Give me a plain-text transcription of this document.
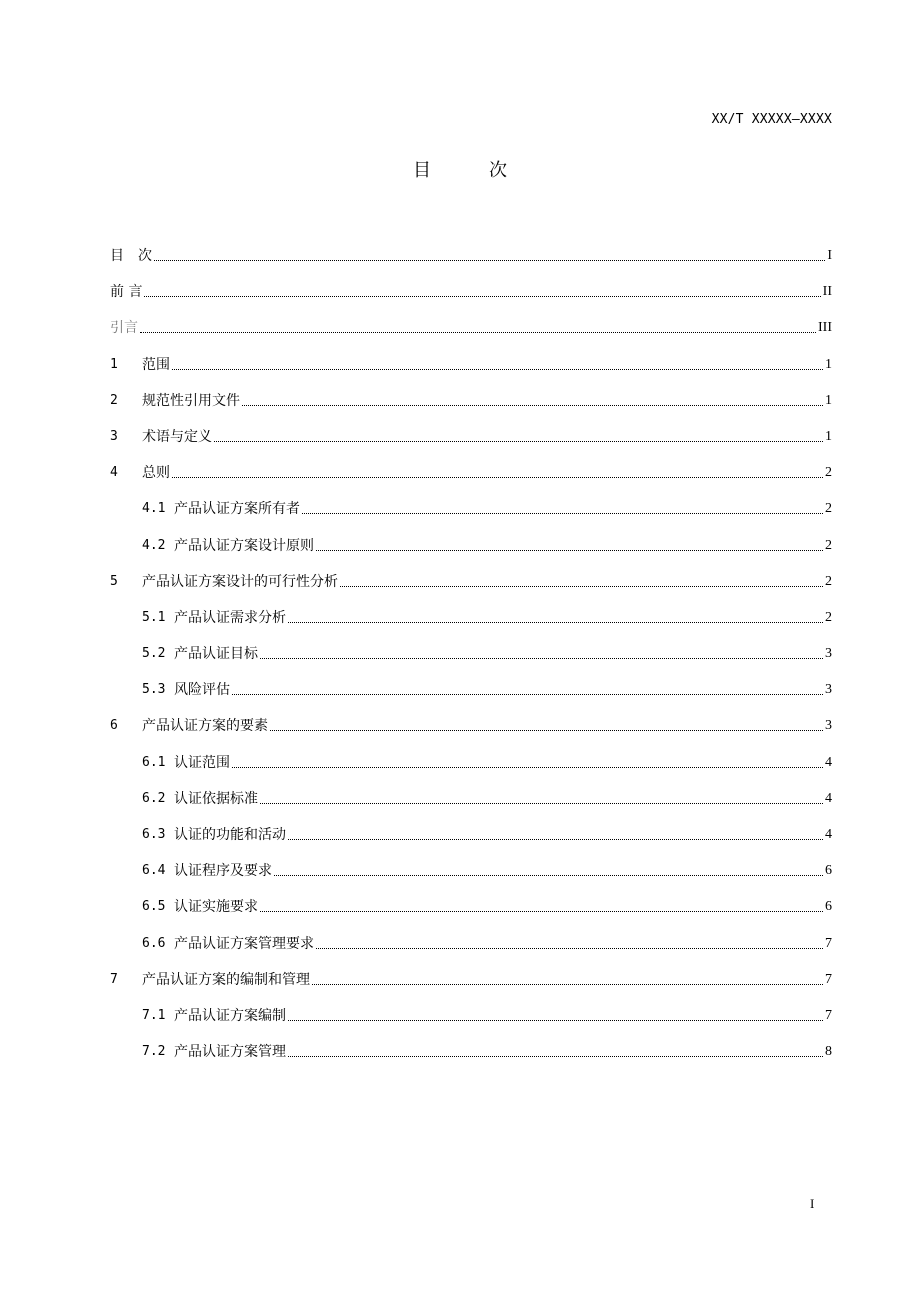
XX/T XXXXX—XXXX
目　次
目　次	I
前 言	II
引言	III
1	范围	1
2	规范性引用文件	1
3	术语与定义	1
4	总则	2
4.1 产品认证方案所有者	2
4.2 产品认证方案设计原则	2
5	产品认证方案设计的可行性分析	2
5.1 产品认证需求分析	2
5.2 产品认证目标	3
5.3 风险评估	3
6	产品认证方案的要素	3
6.1 认证范围	4
6.2 认证依据标准	4
6.3 认证的功能和活动	4
6.4 认证程序及要求	6
6.5 认证实施要求	6
6.6 产品认证方案管理要求	7
7	产品认证方案的编制和管理	7
7.1 产品认证方案编制	7
7.2 产品认证方案管理	8
I
